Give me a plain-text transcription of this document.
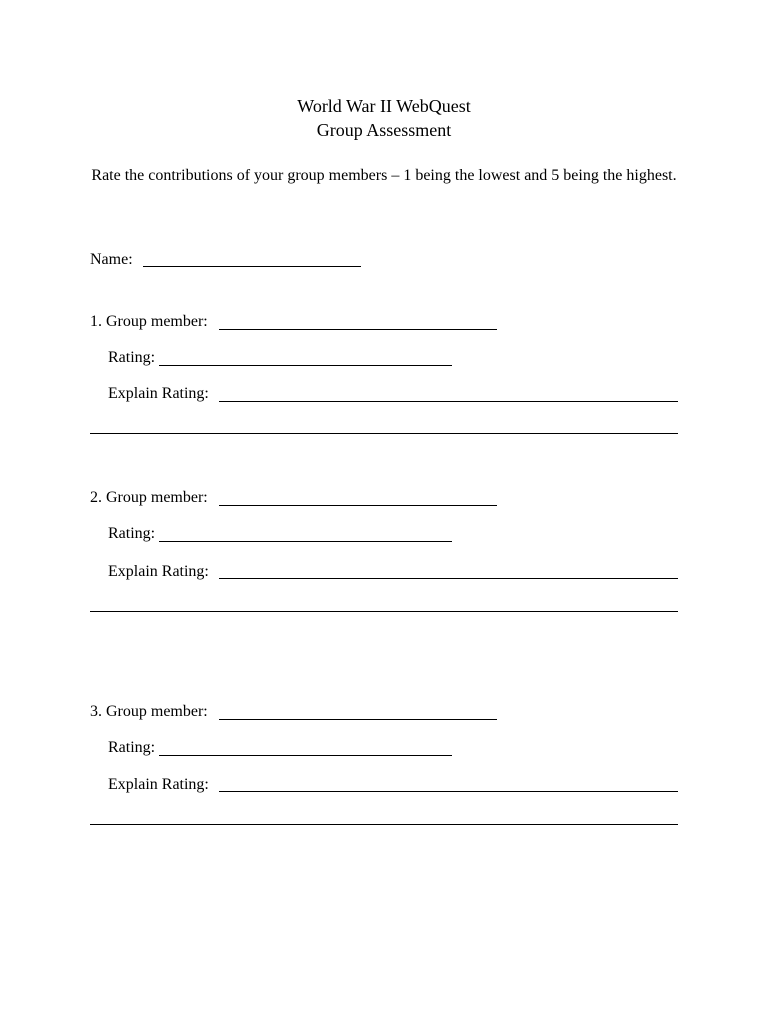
World War II WebQuest
Group Assessment
Rate the contributions of your group members – 1 being the lowest and 5 being the highest.
Name:
1. Group member:
Rating:
Explain Rating:
2. Group member:
Rating:
Explain Rating:
3. Group member:
Rating:
Explain Rating:
